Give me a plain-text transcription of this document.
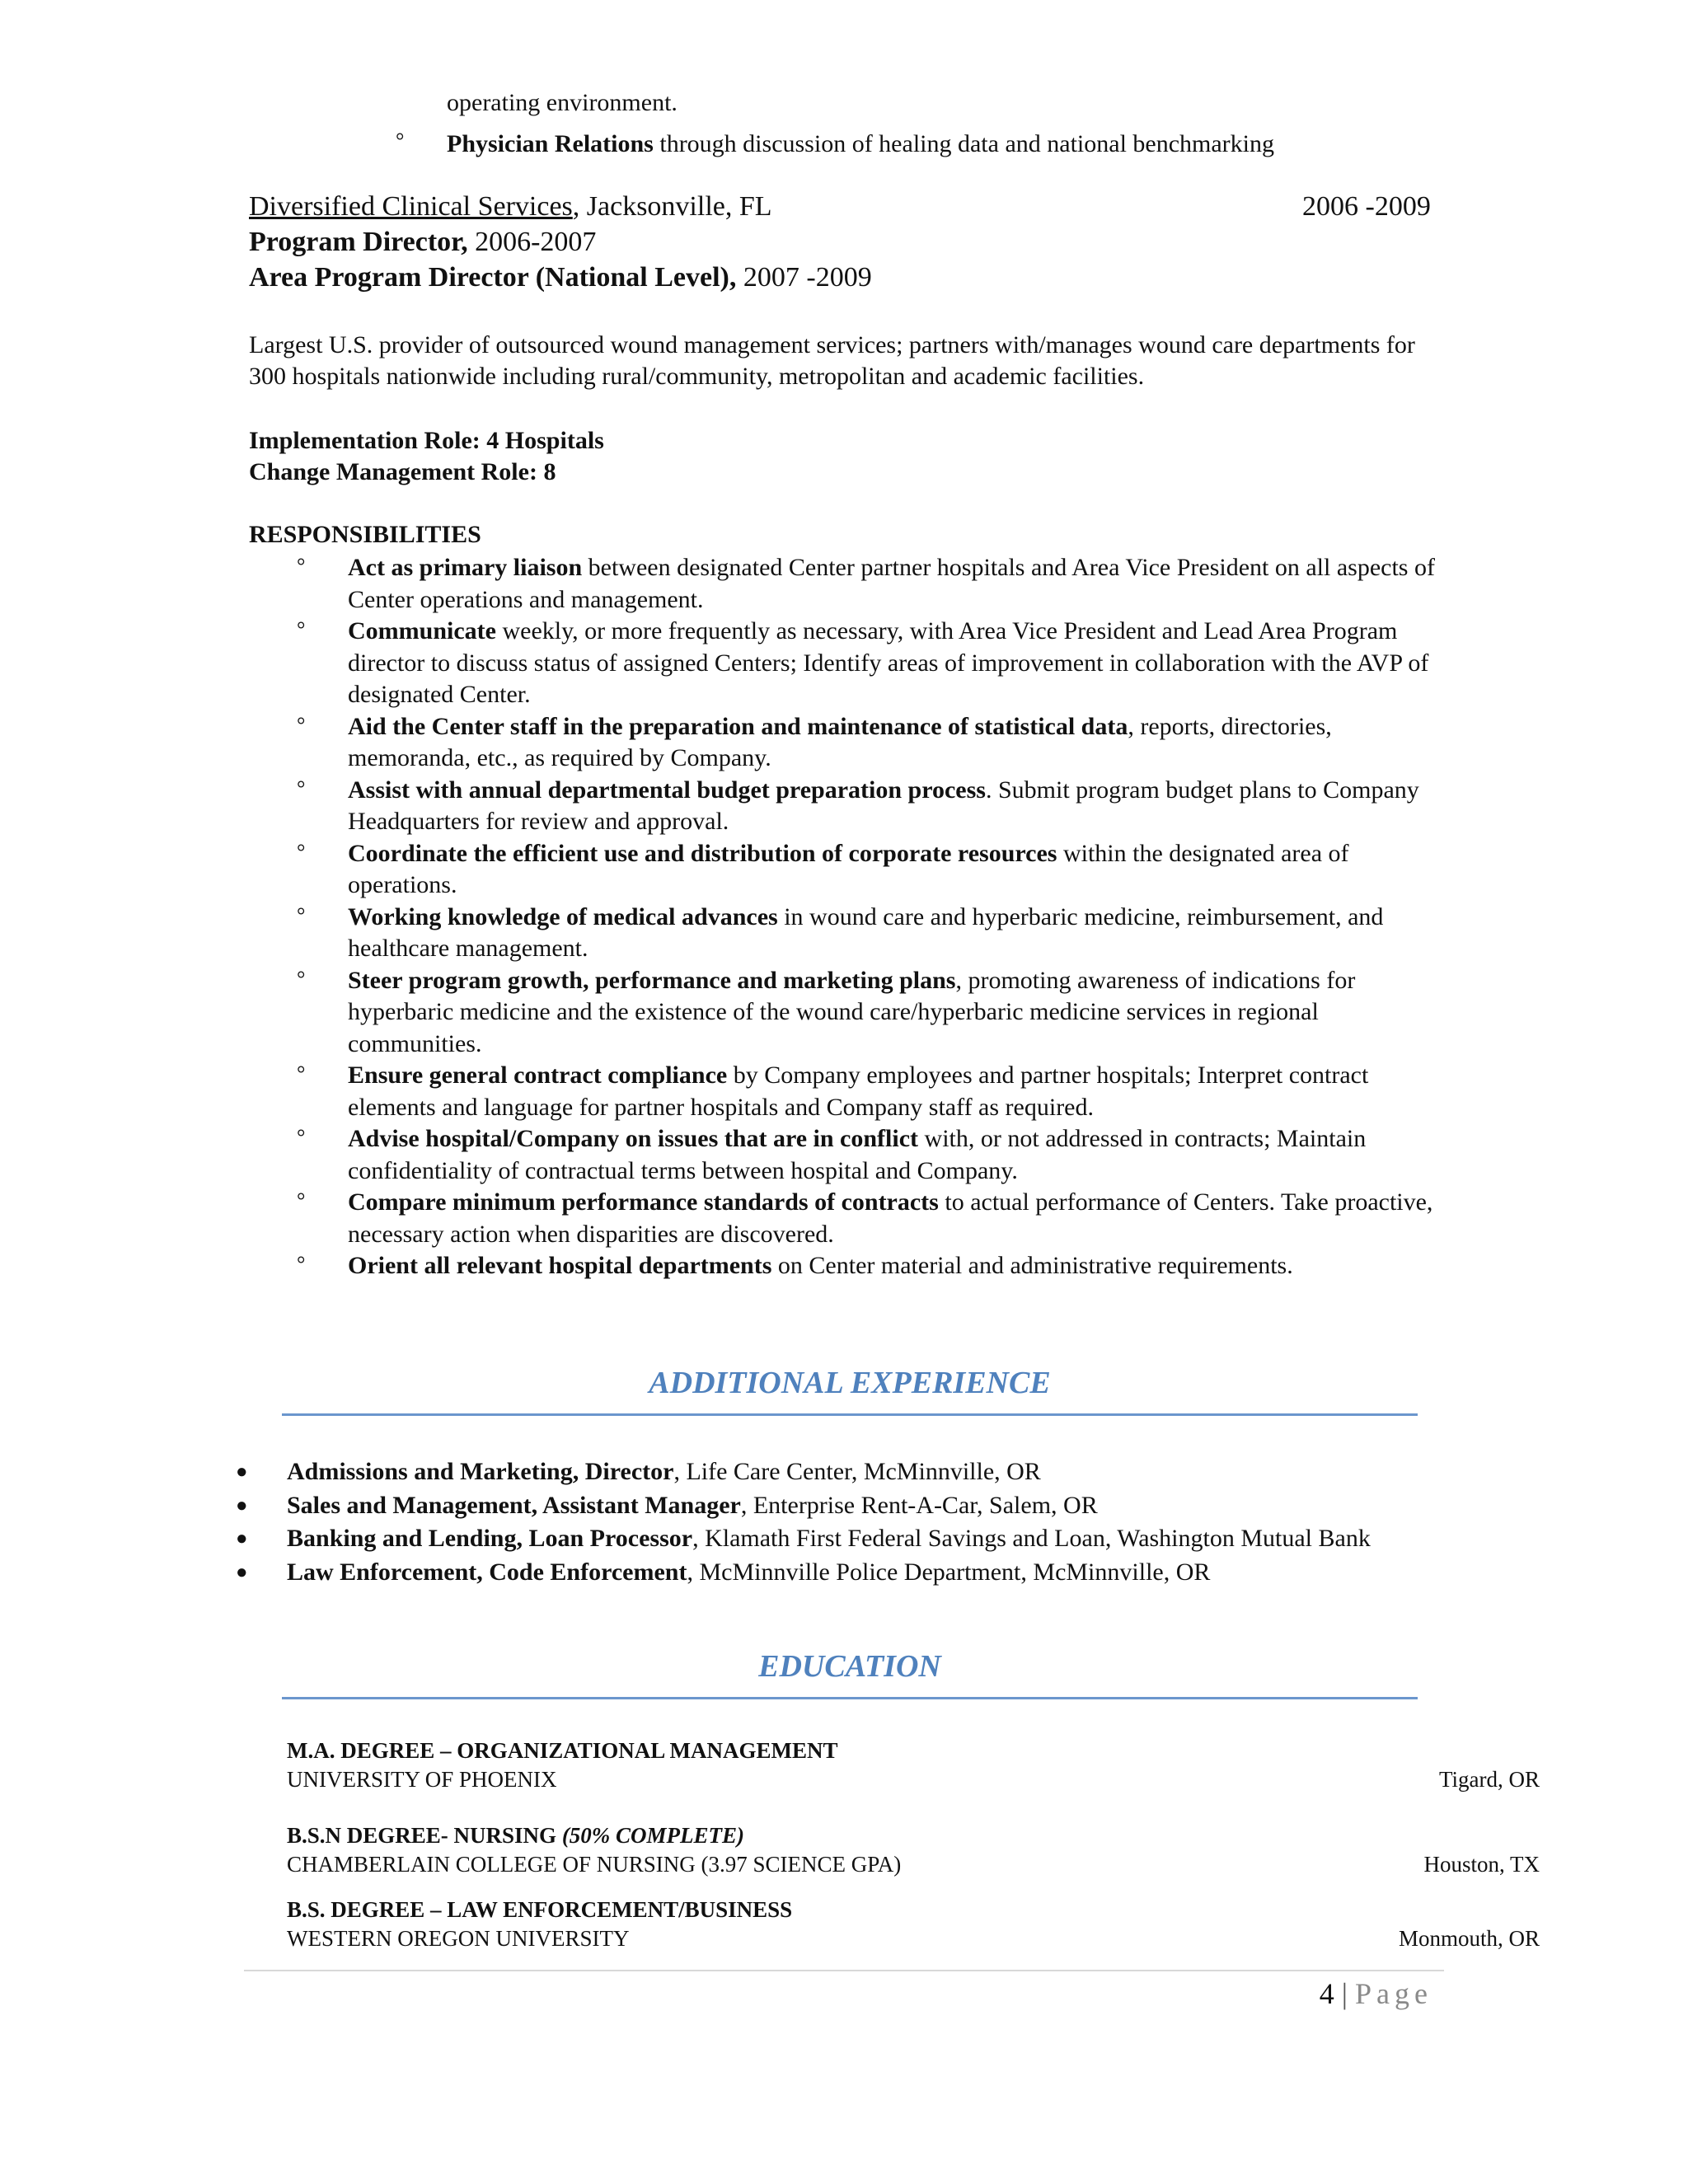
operating environment.
° Physician Relations through discussion of healing data and national benchmarking
Diversified Clinical Services, Jacksonville, FL	2006 -2009
Program Director, 2006-2007
Area Program Director (National Level), 2007 -2009
Largest U.S. provider of outsourced wound management services; partners with/manages wound care departments for 300 hospitals nationwide including rural/community, metropolitan and academic facilities.
Implementation Role: 4 Hospitals
Change Management Role: 8
RESPONSIBILITIES
° Act as primary liaison between designated Center partner hospitals and Area Vice President on all aspects of Center operations and management.
° Communicate weekly, or more frequently as necessary, with Area Vice President and Lead Area Program director to discuss status of assigned Centers; Identify areas of improvement in collaboration with the AVP of designated Center.
° Aid the Center staff in the preparation and maintenance of statistical data, reports, directories, memoranda, etc., as required by Company.
° Assist with annual departmental budget preparation process. Submit program budget plans to Company Headquarters for review and approval.
° Coordinate the efficient use and distribution of corporate resources within the designated area of operations.
° Working knowledge of medical advances in wound care and hyperbaric medicine, reimbursement, and healthcare management.
° Steer program growth, performance and marketing plans, promoting awareness of indications for hyperbaric medicine and the existence of the wound care/hyperbaric medicine services in regional communities.
° Ensure general contract compliance by Company employees and partner hospitals; Interpret contract elements and language for partner hospitals and Company staff as required.
° Advise hospital/Company on issues that are in conflict with, or not addressed in contracts; Maintain confidentiality of contractual terms between hospital and Company.
° Compare minimum performance standards of contracts to actual performance of Centers. Take proactive, necessary action when disparities are discovered.
° Orient all relevant hospital departments on Center material and administrative requirements.
ADDITIONAL EXPERIENCE
● Admissions and Marketing, Director, Life Care Center, McMinnville, OR
● Sales and Management, Assistant Manager, Enterprise Rent-A-Car, Salem, OR
● Banking and Lending, Loan Processor, Klamath First Federal Savings and Loan, Washington Mutual Bank
● Law Enforcement, Code Enforcement, McMinnville Police Department, McMinnville, OR
EDUCATION
M.A. DEGREE – ORGANIZATIONAL MANAGEMENT
UNIVERSITY OF PHOENIX	Tigard, OR
B.S.N DEGREE- NURSING (50% COMPLETE)
CHAMBERLAIN COLLEGE OF NURSING (3.97 SCIENCE GPA)	Houston, TX
B.S. DEGREE – LAW ENFORCEMENT/BUSINESS
WESTERN OREGON UNIVERSITY	Monmouth, OR
4 | Page
